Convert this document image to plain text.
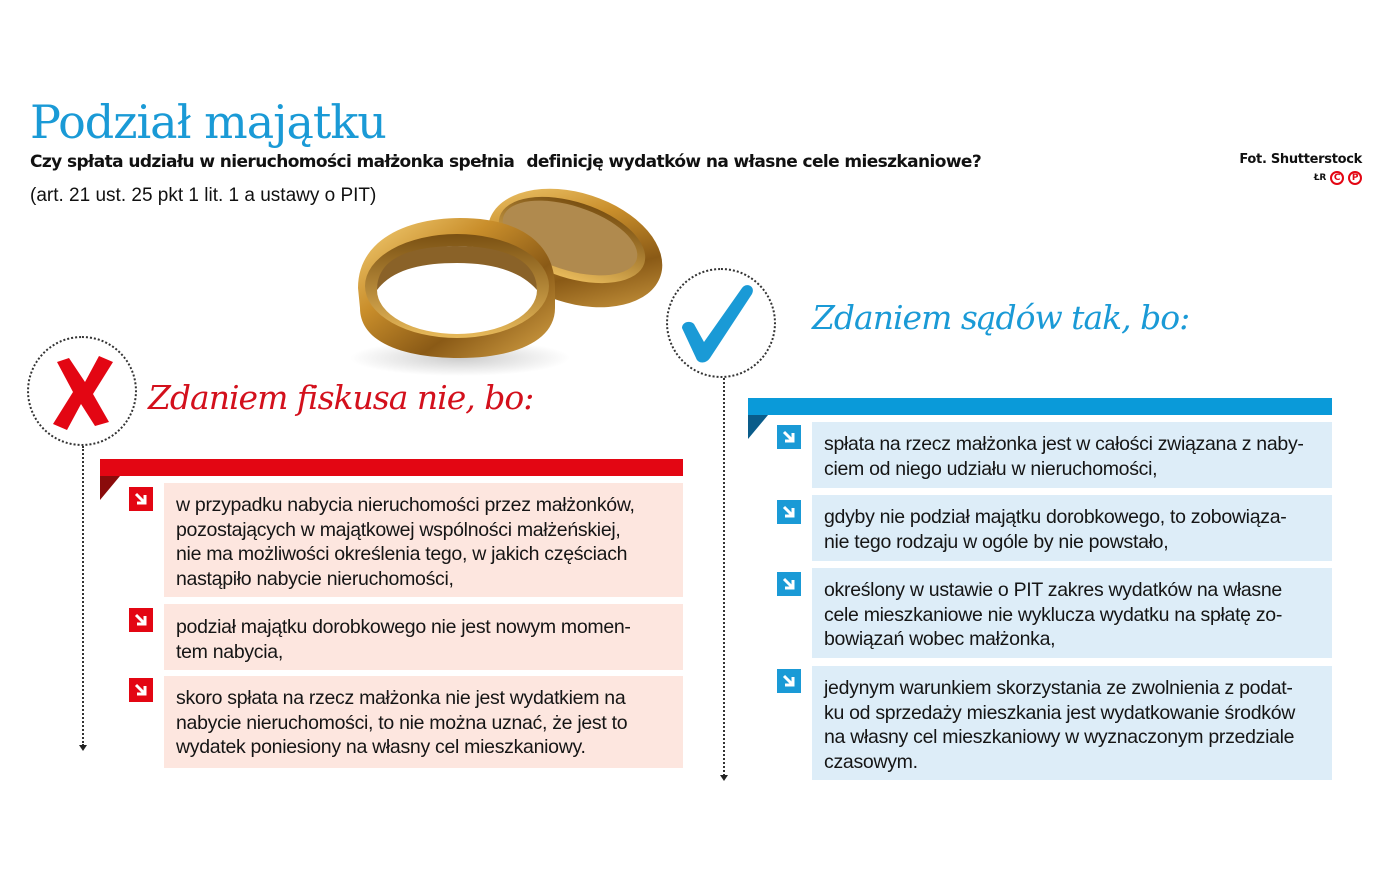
Podział majątku
Czy spłata udziału w nieruchomości małżonka spełnia definicję wydatków na własne cele mieszkaniowe?
(art. 21 ust. 25 pkt 1 lit. 1 a ustawy o PIT)
Fot. Shutterstock
ŁR C	P
Zdaniem fiskusa nie, bo:
w przypadku nabycia nieruchomości przez małżonków,
pozostających w majątkowej wspólności małżeńskiej,
nie ma możliwości określenia tego, w jakich częściach
nastąpiło nabycie nieruchomości,
podział majątku dorobkowego nie jest nowym momen-
tem nabycia,
skoro spłata na rzecz małżonka nie jest wydatkiem na
nabycie nieruchomości, to nie można uznać, że jest to
wydatek poniesiony na własny cel mieszkaniowy.
Zdaniem sądów tak, bo:
spłata na rzecz małżonka jest w całości związana z naby-
ciem od niego udziału w nieruchomości,
gdyby nie podział majątku dorobkowego, to zobowiąza-
nie tego rodzaju w ogóle by nie powstało,
określony w ustawie o PIT zakres wydatków na własne
cele mieszkaniowe nie wyklucza wydatku na spłatę zo-
bowiązań wobec małżonka,
jedynym warunkiem skorzystania ze zwolnienia z podat-
ku od sprzedaży mieszkania jest wydatkowanie środków
na własny cel mieszkaniowy w wyznaczonym przedziale
czasowym.
